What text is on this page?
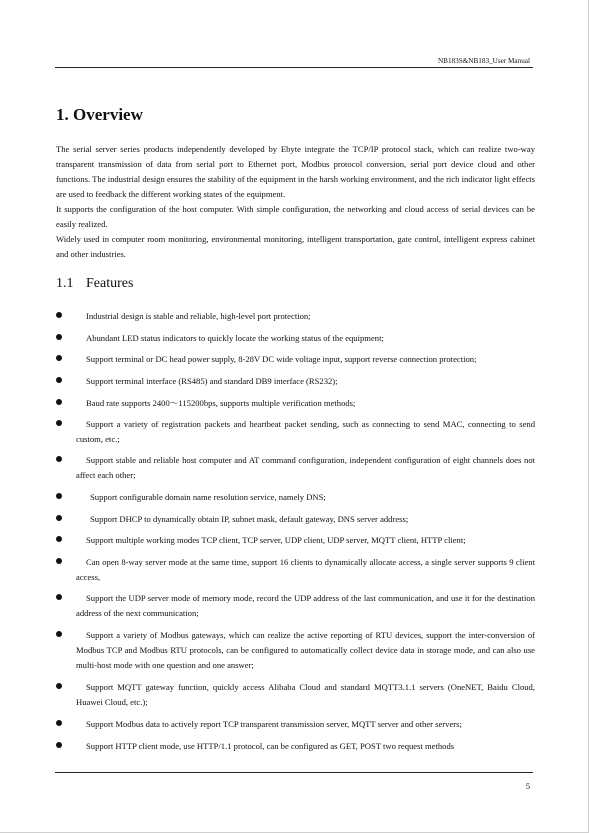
NB183S&NB183_User Manual
1. Overview

The serial server series products independently developed by Ebyte integrate the TCP/IP protocol stack, which can realize two-way transparent transmission of data from serial port to Ethernet port, Modbus protocol conversion, serial port device cloud and other functions. The industrial design ensures the stability of the equipment in the harsh working environment, and the rich indicator light effects are used to feedback the different working states of the equipment.

It supports the configuration of the host computer. With simple configuration, the networking and cloud access of serial devices can be easily realized.

Widely used in computer room monitoring, environmental monitoring, intelligent transportation, gate control, intelligent express cabinet and other industries.

1.1 Features
Industrial design is stable and reliable, high-level port protection;
Abundant LED status indicators to quickly locate the working status of the equipment;
Support terminal or DC head power supply, 8-28V DC wide voltage input, support reverse connection protection;
Support terminal interface (RS485) and standard DB9 interface (RS232);
Baud rate supports 2400～115200bps, supports multiple verification methods;
Support a variety of registration packets and heartbeat packet sending, such as connecting to send MAC, connecting to send custom, etc.;
Support stable and reliable host computer and AT command configuration, independent configuration of eight channels does not affect each other;
Support configurable domain name resolution service, namely DNS;
Support DHCP to dynamically obtain IP, subnet mask, default gateway, DNS server address;
Support multiple working modes TCP client, TCP server, UDP client, UDP server, MQTT client, HTTP client;
Can open 8-way server mode at the same time, support 16 clients to dynamically allocate access, a single server supports 9 client access,
Support the UDP server mode of memory mode, record the UDP address of the last communication, and use it for the destination address of the next communication;
Support a variety of Modbus gateways, which can realize the active reporting of RTU devices, support the inter-conversion of Modbus TCP and Modbus RTU protocols, can be configured to automatically collect device data in storage mode, and can also use multi-host mode with one question and one answer;
Support MQTT gateway function, quickly access Alibaba Cloud and standard MQTT3.1.1 servers (OneNET, Baidu Cloud, Huawei Cloud, etc.);
Support Modbus data to actively report TCP transparent transmission server, MQTT server and other servers;
Support HTTP client mode, use HTTP/1.1 protocol, can be configured as GET, POST two request methods
5
